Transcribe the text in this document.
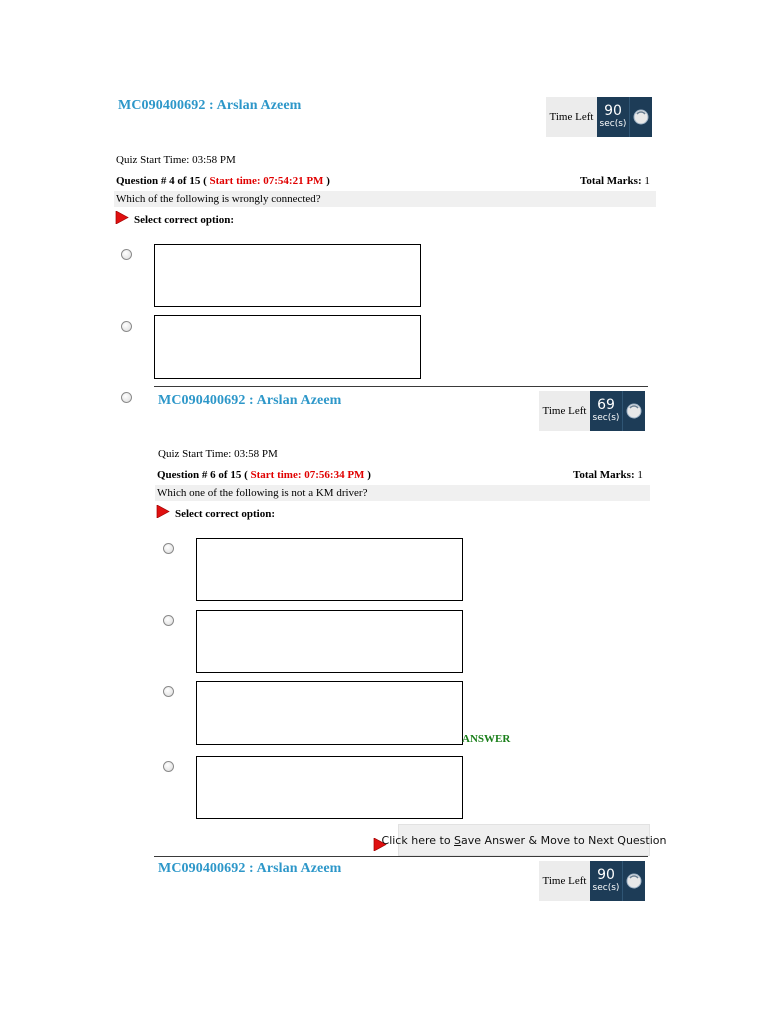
MC090400692 : Arslan Azeem
Time Left 90
sec(s)
Quiz Start Time: 03:58 PM
Question # 4 of 15 ( Start time: 07:54:21 PM )	Total Marks: 1
Which of the following is wrongly connected?
Select correct option:
MC090400692 : Arslan Azeem
Time Left 69
sec(s)
Quiz Start Time: 03:58 PM
Question # 6 of 15 ( Start time: 07:56:34 PM )	Total Marks: 1
Which one of the following is not a KM driver?
Select correct option:
ANSWER
Click here to S ave Answer & Move to Next Question
MC090400692 : Arslan Azeem
Time Left 90
sec(s)
